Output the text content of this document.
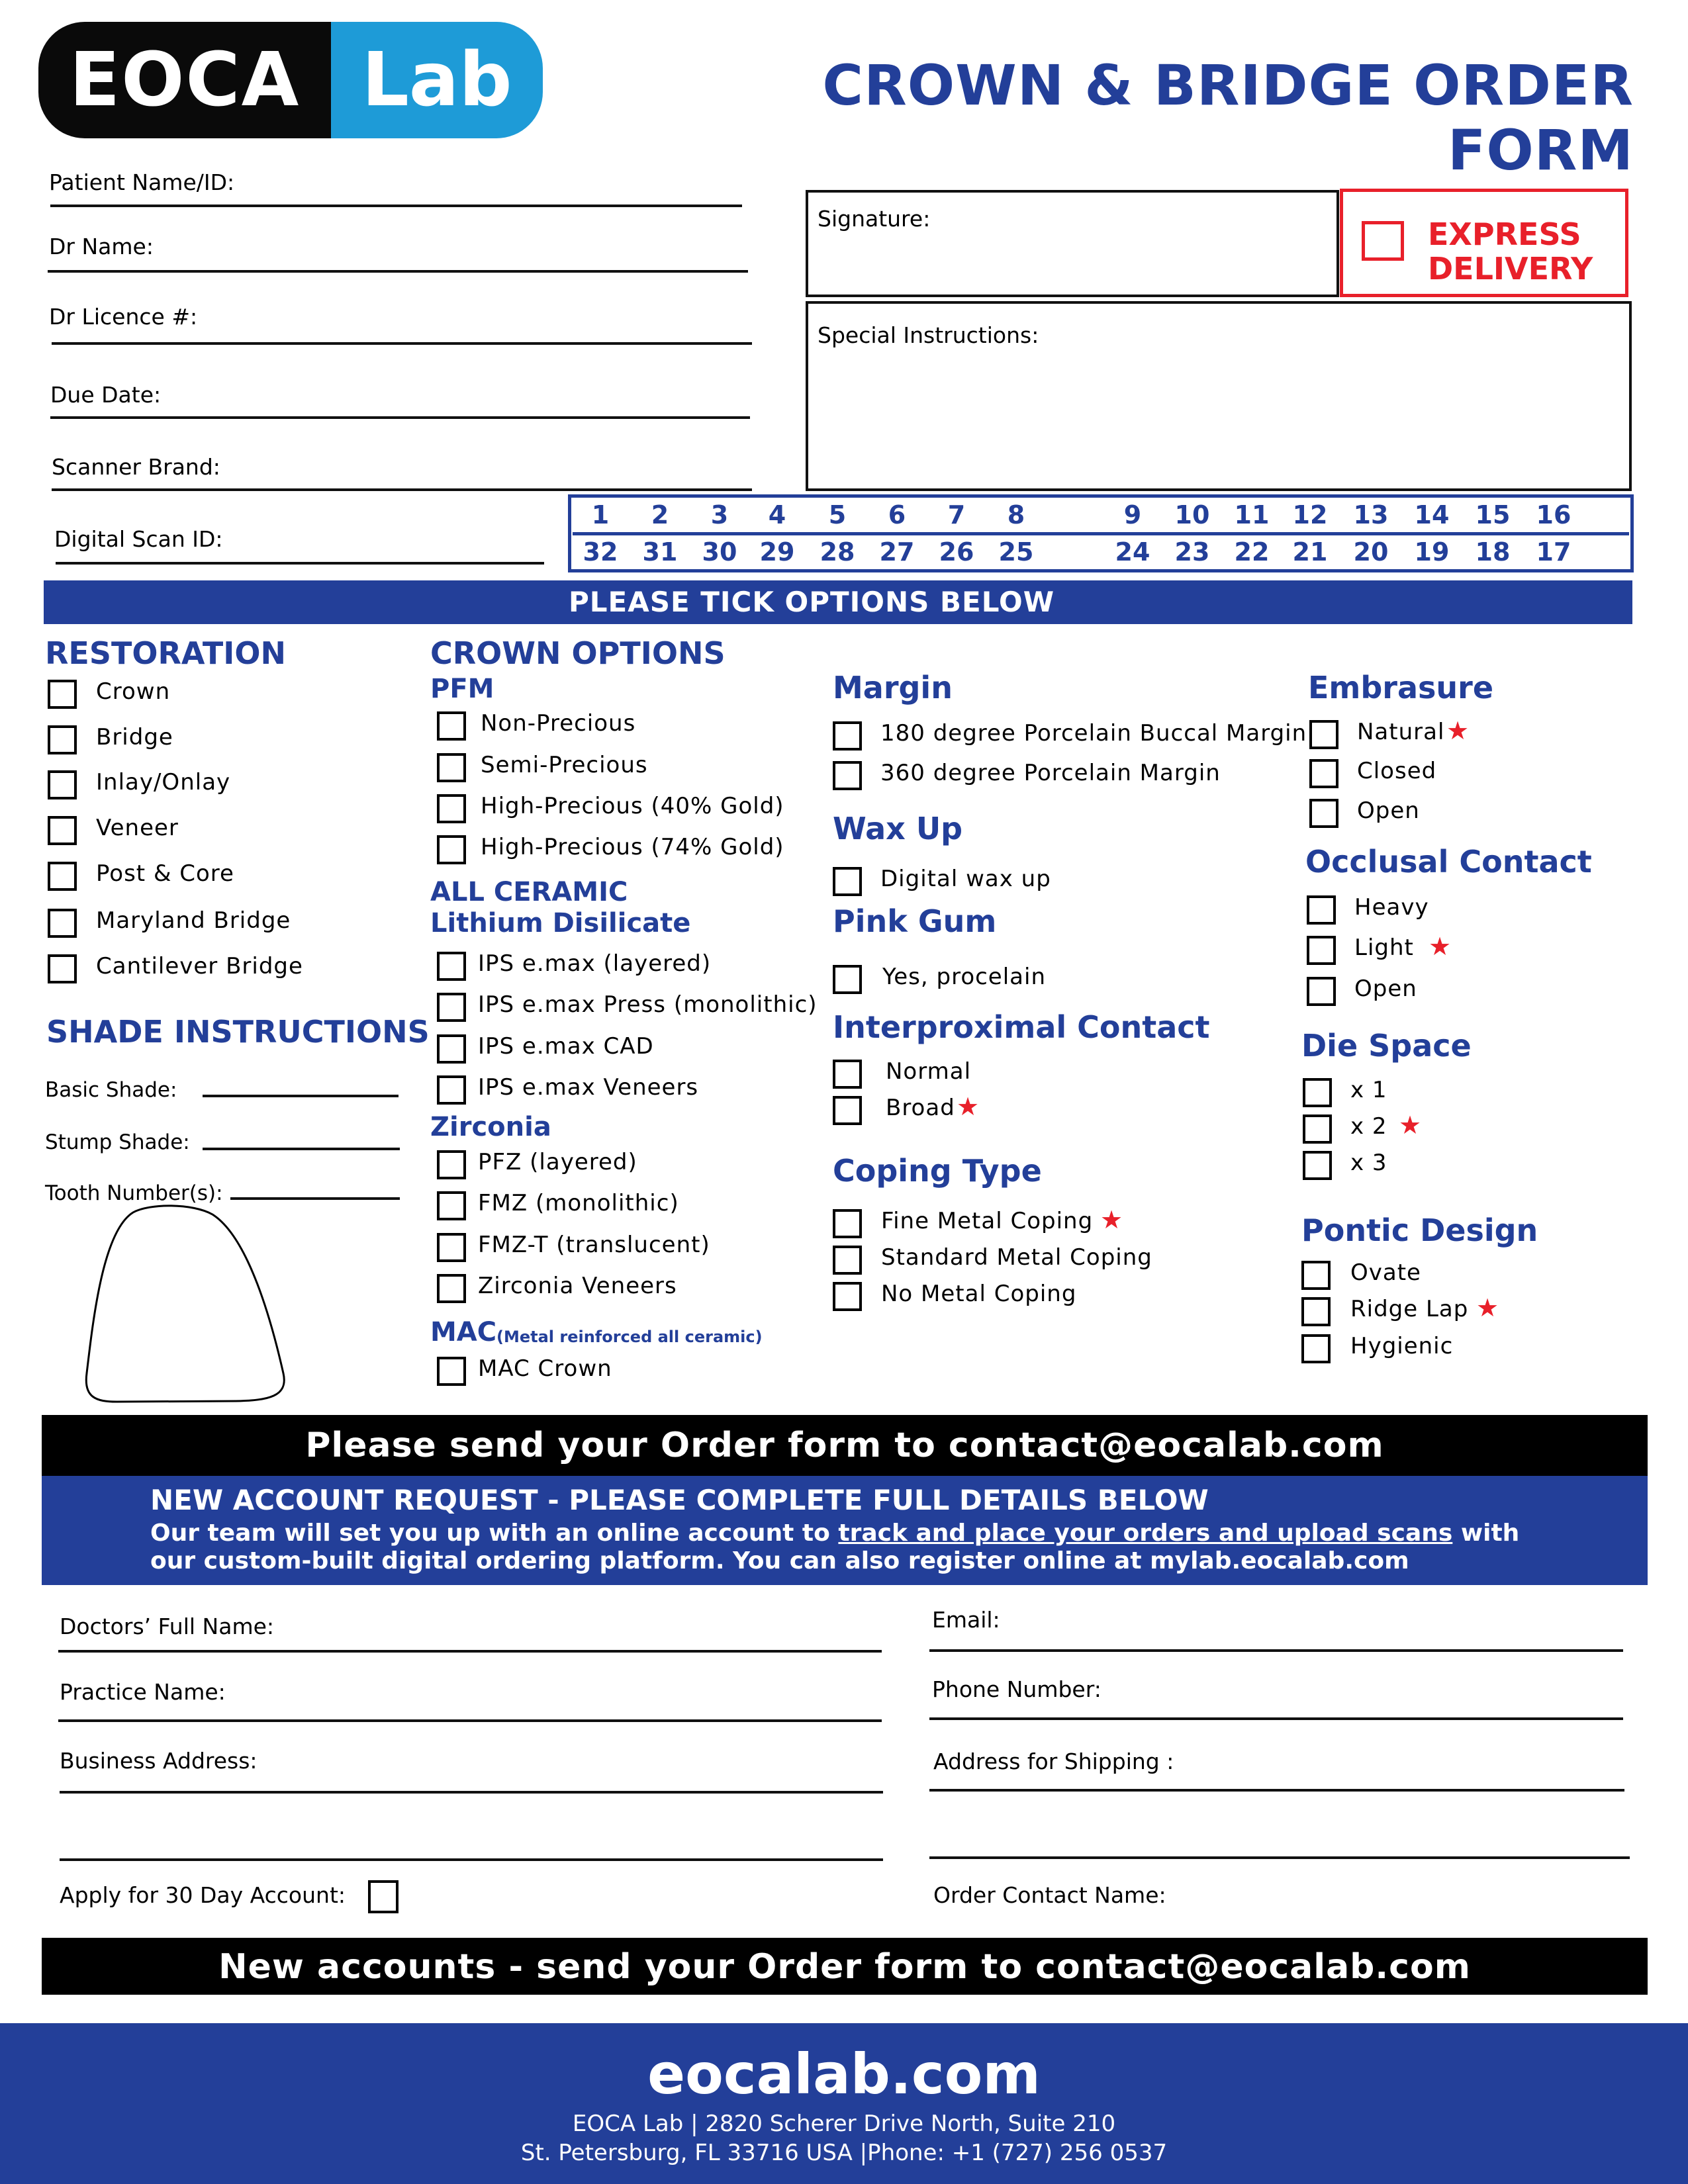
EOCA Lab	CROWN & BRIDGE ORDER FORM
Patient Name/ID:
Dr Name:
Dr Licence #:
Due Date:
Scanner Brand:
Digital Scan ID:
Signature:	EXPRESS
DELIVERY
Special Instructions:
1	2	3	4	5	6	7	8	9	10 11 12 13 14 15 16
32 31 30 29 28 27 26 25	24 23 22 21 20 19 18 17
PLEASE TICK OPTIONS BELOW
RESTORATION
Crown
Bridge
Inlay/Onlay
Veneer
Post & Core
Maryland Bridge
Cantilever Bridge
CROWN OPTIONS
PFM
Non-Precious
Semi-Precious
High-Precious (40% Gold)
High-Precious (74% Gold)
ALL CERAMIC
Lithium Disilicate
IPS e.max (layered)
IPS e.max Press (monolithic)
IPS e.max CAD
IPS e.max Veneers
Zirconia
PFZ (layered)
FMZ (monolithic)
FMZ-T (translucent)
Zirconia Veneers
MAC (Metal reinforced all ceramic)
MAC Crown
Margin
180 degree Porcelain Buccal Margin
360 degree Porcelain Margin
Wax Up
Digital wax up
Pink Gum
Yes, procelain
Interproximal Contact
Normal
Broad ★
Coping Type
Fine Metal Coping ★
Standard Metal Coping
No Metal Coping
Embrasure
Natural ★
Closed
Open
Occlusal Contact
Heavy
Light ★
Open
Die Space
x 1
x 2 ★
x 3
Pontic Design
Ovate
Ridge Lap ★
Hygienic
SHADE INSTRUCTIONS
Basic Shade:
Stump Shade:
Tooth Number(s):
Please send your Order form to contact@eocalab.com
NEW ACCOUNT REQUEST - PLEASE COMPLETE FULL DETAILS BELOW
Our team will set you up with an online account to track and place your orders and upload scans with
our custom-built digital ordering platform. You can also register online at mylab.eocalab.com
Doctors’ Full Name:
Practice Name:
Business Address:
Apply for 30 Day Account:
Email:
Phone Number:
Address for Shipping :
Order Contact Name:
New accounts - send your Order form to contact@eocalab.com
eocalab.com
EOCA Lab | 2820 Scherer Drive North, Suite 210
St. Petersburg, FL 33716 USA |Phone: +1 (727) 256 0537
